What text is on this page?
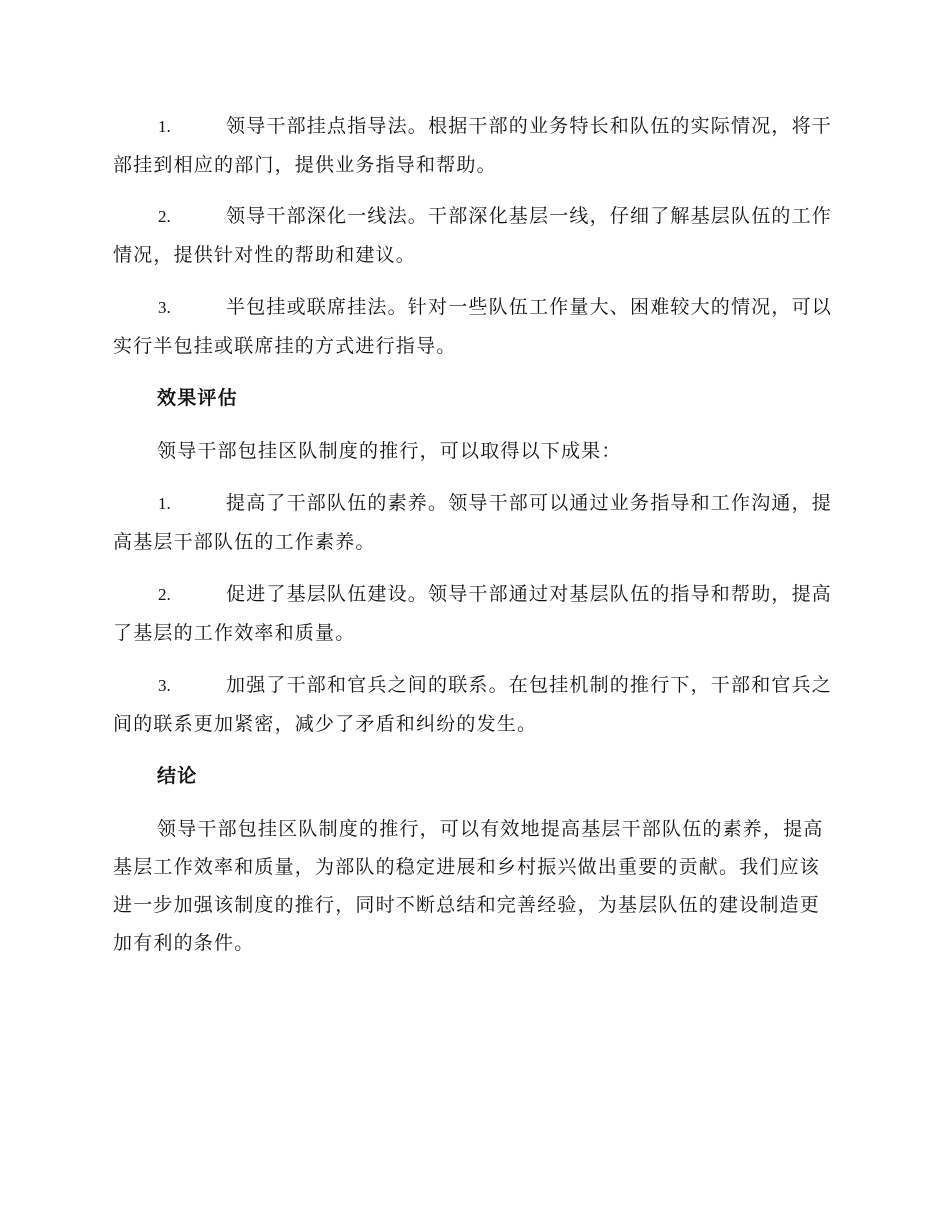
1.	领导干部挂点指导法。根据干部的业务特长和队伍的实际情况，将干部挂到相应的部门，提供业务指导和帮助。
2.	领导干部深化一线法。干部深化基层一线，仔细了解基层队伍的工作情况，提供针对性的帮助和建议。
3.	半包挂或联席挂法。针对一些队伍工作量大、困难较大的情况，可以实行半包挂或联席挂的方式进行指导。
效果评估
领导干部包挂区队制度的推行，可以取得以下成果：
1.	提高了干部队伍的素养。领导干部可以通过业务指导和工作沟通，提高基层干部队伍的工作素养。
2.	促进了基层队伍建设。领导干部通过对基层队伍的指导和帮助，提高了基层的工作效率和质量。
3.	加强了干部和官兵之间的联系。在包挂机制的推行下，干部和官兵之间的联系更加紧密，减少了矛盾和纠纷的发生。
结论
领导干部包挂区队制度的推行，可以有效地提高基层干部队伍的素养，提高基层工作效率和质量，为部队的稳定进展和乡村振兴做出重要的贡献。我们应该进一步加强该制度的推行，同时不断总结和完善经验，为基层队伍的建设制造更加有利的条件。
